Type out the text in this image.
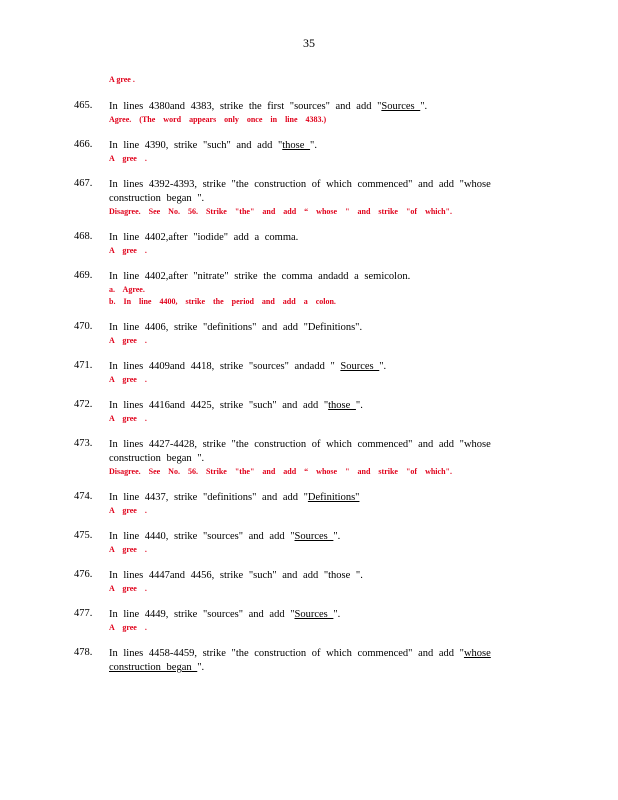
35
A gree .
465. In lines 4380and 4383, strike the first "sources" and add "Sources ".
Agree. (The word appears only once in line 4383.)
466. In line 4390, strike "such" and add "those ".
A gree .
467. In lines 4392-4393, strike "the construction of which commenced" and add "whose construction began ".
Disagree. See No. 56. Strike "the" and add “ whose " and strike "of which".
468. In line 4402,after "iodide" add a comma.
A gree .
469. In line 4402,after "nitrate" strike the comma andadd a semicolon.
a. Agree.
b. In line 4400, strike the period and add a colon.
470. In line 4406, strike "definitions" and add "Definitions".
A gree .
471. In lines 4409and 4418, strike "sources" andadd " Sources ".
A gree .
472. In lines 4416and 4425, strike "such" and add "those ".
A gree .
473. In lines 4427-4428, strike "the construction of which commenced" and add "whose construction began ".
Disagree. See No. 56. Strike "the" and add “ whose " and strike "of which".
474. In line 4437, strike "definitions" and add "Definitions"
A gree .
475. In line 4440, strike "sources" and add "Sources ".
A gree .
476. In lines 4447and 4456, strike "such" and add "those ".
A gree .
477. In line 4449, strike "sources" and add "Sources ".
A gree .
478. In lines 4458-4459, strike "the construction of which commenced" and add "whose construction began ".
